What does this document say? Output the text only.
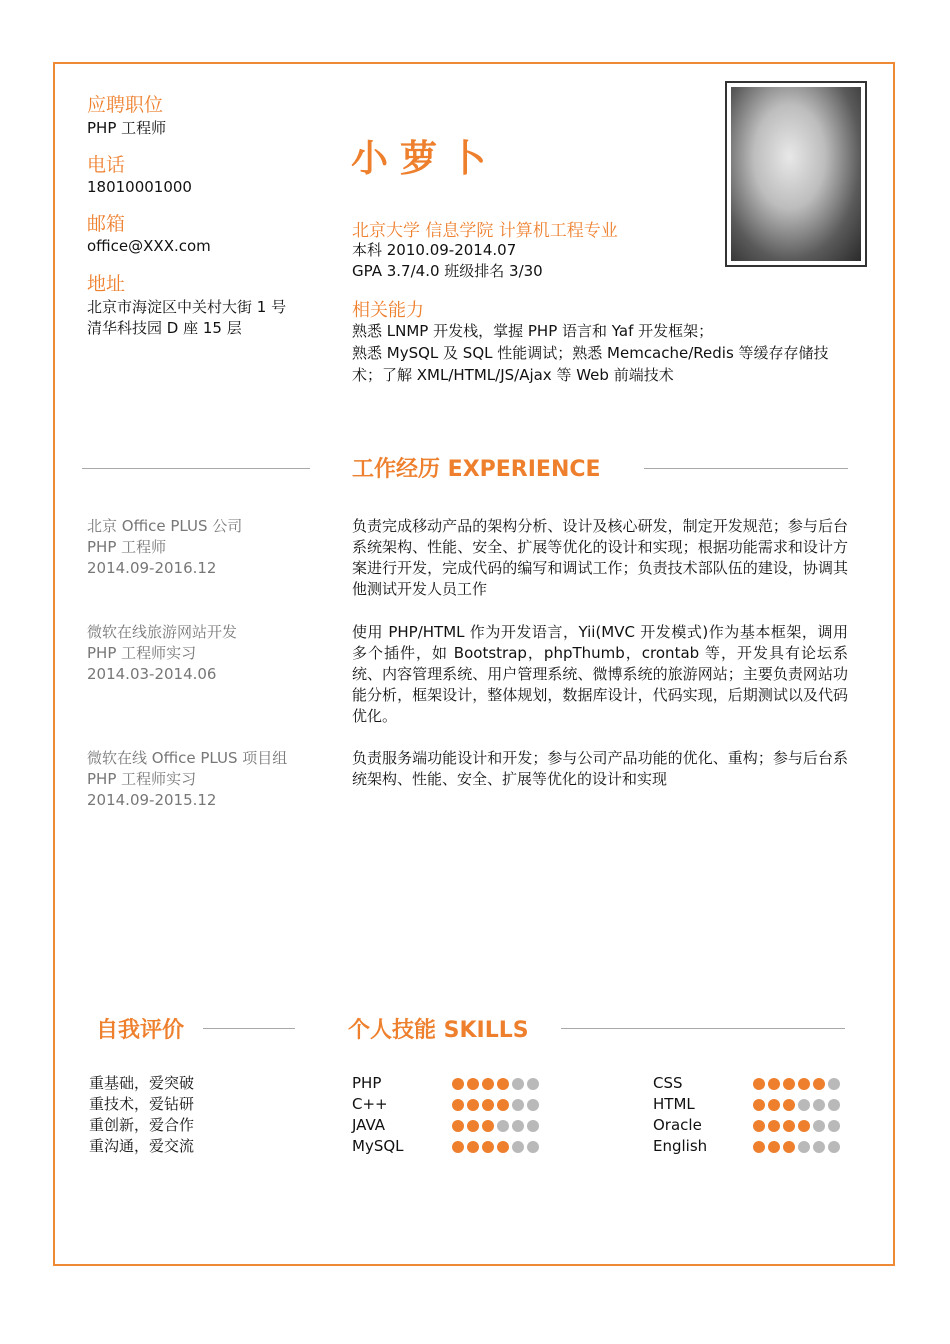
应聘职位
PHP 工程师
电话
18010001000
邮箱
office@XXX.com
地址
北京市海淀区中关村大街 1 号
清华科技园 D 座 15 层
小萝卜
北京大学 信息学院 计算机工程专业
本科 2010.09-2014.07
GPA 3.7/4.0 班级排名 3/30
相关能力
熟悉 LNMP 开发栈，掌握 PHP 语言和 Yaf 开发框架；
熟悉 MySQL 及 SQL 性能调试；熟悉 Memcache/Redis 等缓存存储技
术；了解 XML/HTML/JS/Ajax 等 Web 前端技术
工作经历 EXPERIENCE
北京 Office PLUS 公司
PHP 工程师
2014.09-2016.12
负责完成移动产品的架构分析、设计及核心研发，制定开发规范；参与后台系统架构、性能、安全、扩展等优化的设计和实现；根据功能需求和设计方案进行开发，完成代码的编写和调试工作；负责技术部队伍的建设，协调其他测试开发人员工作
微软在线旅游网站开发
PHP 工程师实习
2014.03-2014.06
使用 PHP/HTML 作为开发语言，Yii(MVC 开发模式)作为基本框架，调用多个插件，如 Bootstrap，phpThumb，crontab 等，开发具有论坛系统、内容管理系统、用户管理系统、微博系统的旅游网站；主要负责网站功能分析，框架设计，整体规划，数据库设计，代码实现，后期测试以及代码优化。
微软在线 Office PLUS 项目组
PHP 工程师实习
2014.09-2015.12
负责服务端功能设计和开发；参与公司产品功能的优化、重构；参与后台系统架构、性能、安全、扩展等优化的设计和实现
自我评价
重基础，爱突破
重技术，爱钻研
重创新，爱合作
重沟通，爱交流
个人技能 SKILLS
PHP
C++
JAVA
MySQL
CSS
HTML
Oracle
English
